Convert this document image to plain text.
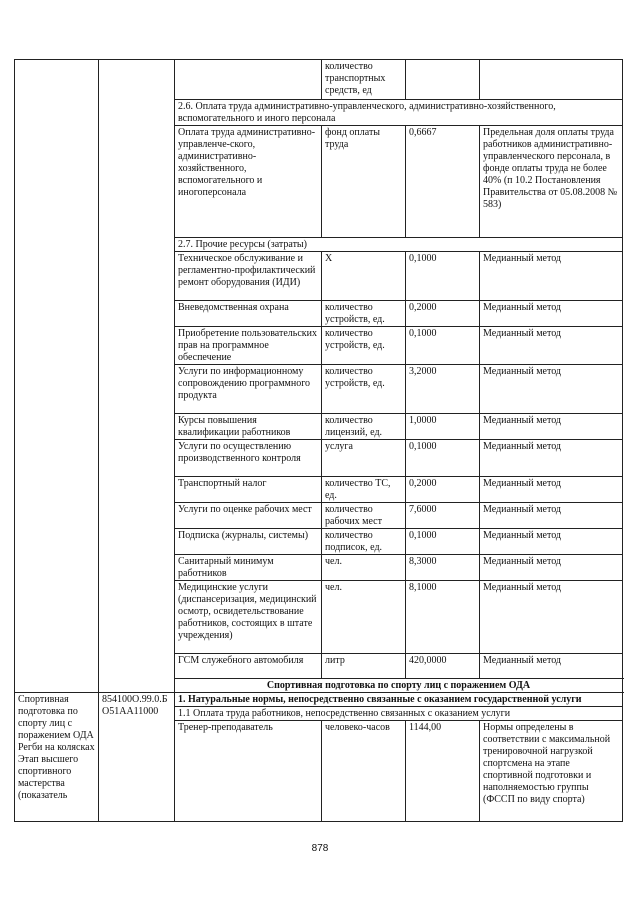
			количество транспортных средств, ед		
		2.6. Оплата труда административно-управленческого, административно-хозяйственного, вспомогательного и иного персонала			
		Оплата труда административно-управленче-ского, административно-хозяйственного, вспомогательного и иногоперсонала	фонд оплаты труда	0,6667	Предельная доля оплаты труда работников административно-управленческого персонала, в фонде оплаты труда не более 40% (п 10.2 Постановления Правительства от 05.08.2008 № 583)
		2.7. Прочие ресурсы (затраты)			
		Техническое обслуживание и регламентно-профилактический ремонт оборудования (ИДИ)	X	0,1000	Медианный метод
		Вневедомственная охрана	количество устройств, ед.	0,2000	Медианный метод
		Приобретение пользовательских прав на программное обеспечение	количество устройств, ед.	0,1000	Медианный метод
		Услуги по информационному сопровождению программного продукта	количество устройств, ед.	3,2000	Медианный метод
		Курсы повышения квалификации работников	количество лицензий, ед.	1,0000	Медианный метод
		Услуги по осуществлению производственного контроля	услуга	0,1000	Медианный метод
		Транспортный налог	количество ТС, ед.	0,2000	Медианный метод
		Услуги по оценке рабочих мест	количество рабочих мест	7,6000	Медианный метод
		Подписка (журналы, системы)	количество подписок, ед.	0,1000	Медианный метод
		Санитарный минимум работников	чел.	8,3000	Медианный метод
		Медицинские услуги (диспансеризация, медицинский осмотр, освидетельствование работников, состоящих в штате учреждения)	чел.	8,1000	Медианный метод
		ГСМ служебного автомобиля	литр	420,0000	Медианный метод
		Спортивная подготовка по спорту лиц с поражением ОДА			
Спортивная подготовка по спорту лиц с поражением ОДА Регби на колясках Этап высшего спортивного мастерства (показатель	854100О.99.0.БО51АА11000	1. Натуральные нормы, непосредственно связанные с оказанием государственной услуги			
		1.1 Оплата труда работников, непосредственно связанных с оказанием услуги			
		Тренер-преподаватель	человеко-часов	1144,00	Нормы определены в соответствии с максимальной тренировочной нагрузкой спортсмена на этапе спортивной подготовки и наполняемостью группы (ФССП по виду спорта)
878
